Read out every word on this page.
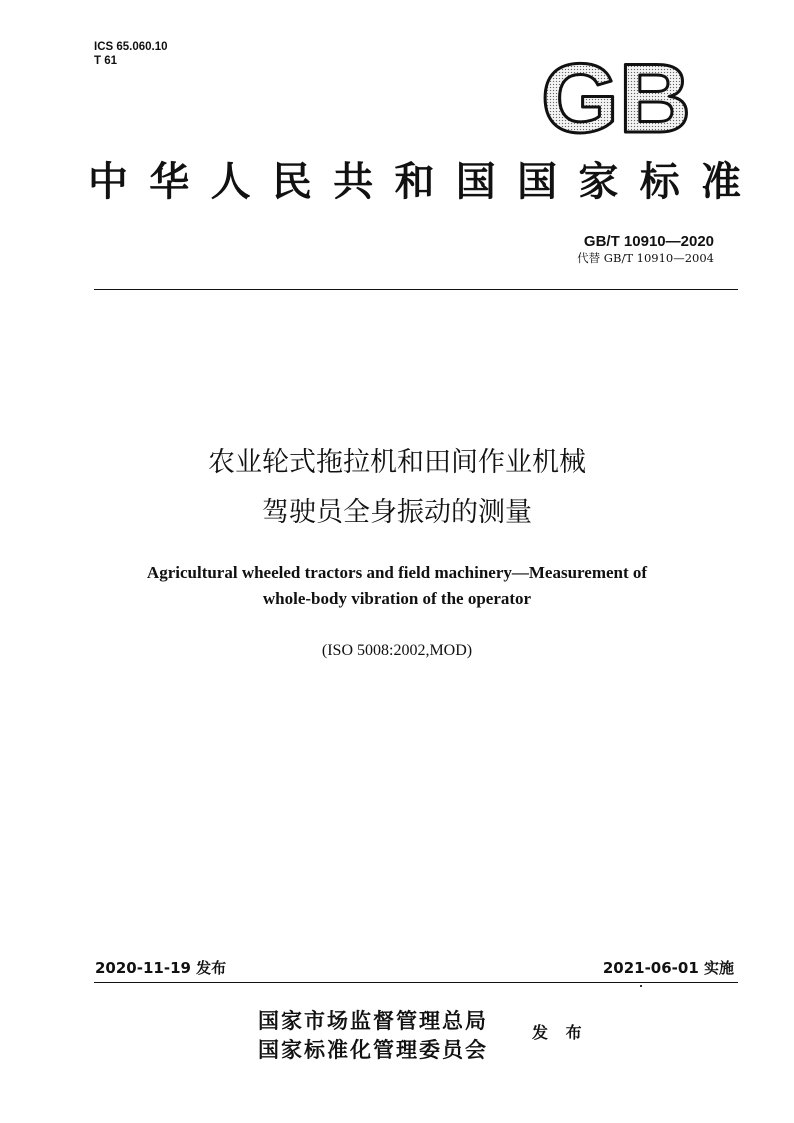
ICS 65.060.10
T 61	GB
中华人民共和国国家标准
GB/T 10910—2020
代替 GB/T 10910—2004
农业轮式拖拉机和田间作业机械
驾驶员全身振动的测量
Agricultural wheeled tractors and field machinery—Measurement of
whole-body vibration of the operator
(ISO 5008:2002,MOD)
2020-11-19 发布	2021-06-01 实施
国家市场监督管理总局
国家标准化管理委员会
发 布
